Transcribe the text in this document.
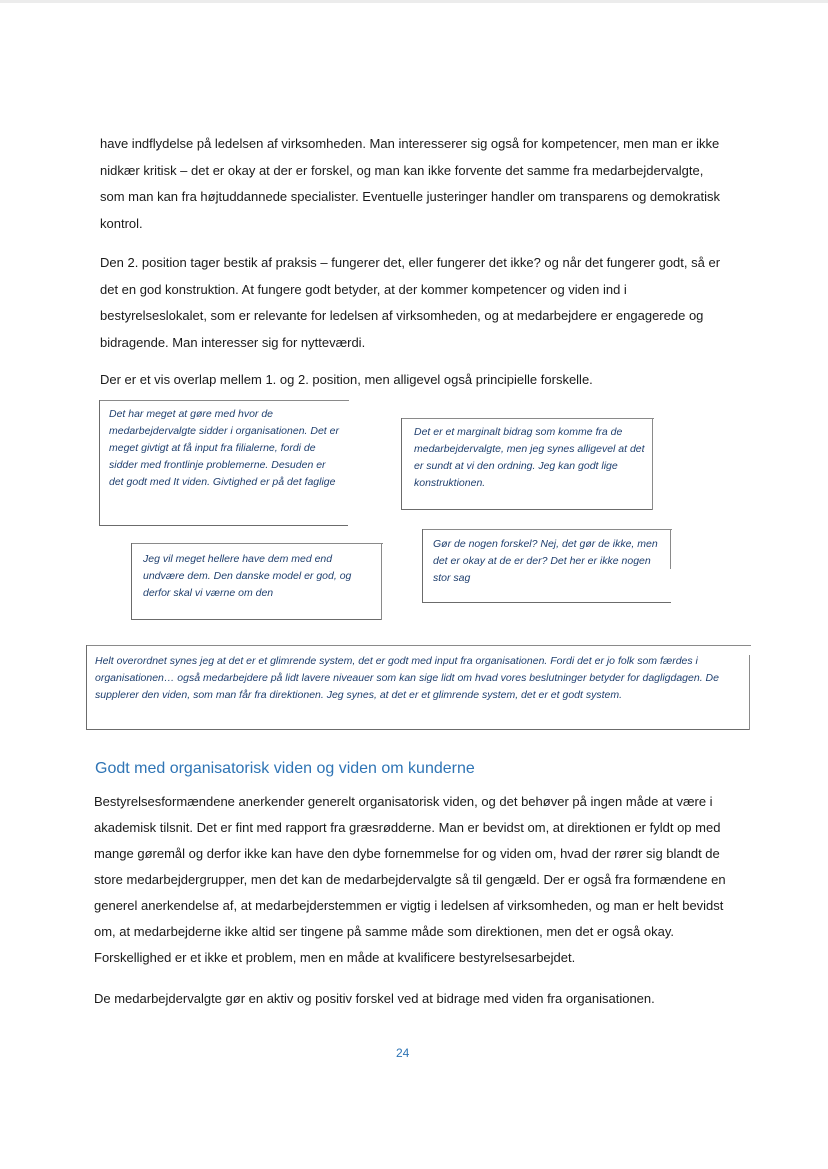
have indflydelse på ledelsen af virksomheden. Man interesserer sig også for kompetencer, men man er ikke nidkær kritisk – det er okay at der er forskel, og man kan ikke forvente det samme fra medarbejdervalgte, som man kan fra højtuddannede specialister. Eventuelle justeringer handler om transparens og demokratisk kontrol.

Den 2. position tager bestik af praksis – fungerer det, eller fungerer det ikke? og når det fungerer godt, så er det en god konstruktion. At fungere godt betyder, at der kommer kompetencer og viden ind i bestyrelseslokalet, som er relevante for ledelsen af virksomheden, og at medarbejdere er engagerede og bidragende. Man interesser sig for nytteværdi.

Der er et vis overlap mellem 1. og 2. position, men alligevel også principielle forskelle.

Det har meget at gøre med hvor de medarbejdervalgte sidder i organisationen. Det er meget givtigt at få input fra filialerne, fordi de sidder med frontlinje problemerne. Desuden er det godt med It viden. Givtighed er på det faglige
Det er et marginalt bidrag som komme fra de medarbejdervalgte, men jeg synes alligevel at det er sundt at vi den ordning. Jeg kan godt lige konstruktionen.
Jeg vil meget hellere have dem med end undvære dem. Den danske model er god, og derfor skal vi værne om den
Gør de nogen forskel? Nej, det gør de ikke, men det er okay at de er der? Det her er ikke nogen stor sag
Helt overordnet synes jeg at det er et glimrende system, det er godt med input fra organisationen. Fordi det er jo folk som færdes i organisationen… også medarbejdere på lidt lavere niveauer som kan sige lidt om hvad vores beslutninger betyder for dagligdagen. De supplerer den viden, som man får fra direktionen. Jeg synes, at det er et glimrende system, det er et godt system.
Godt med organisatorisk viden og viden om kunderne

Bestyrelsesformændene anerkender generelt organisatorisk viden, og det behøver på ingen måde at være i akademisk tilsnit. Det er fint med rapport fra græsrødderne. Man er bevidst om, at direktionen er fyldt op med mange gøremål og derfor ikke kan have den dybe fornemmelse for og viden om, hvad der rører sig blandt de store medarbejdergrupper, men det kan de medarbejdervalgte så til gengæld. Der er også fra formændene en generel anerkendelse af, at medarbejderstemmen er vigtig i ledelsen af virksomheden, og man er helt bevidst om, at medarbejderne ikke altid ser tingene på samme måde som direktionen, men det er også okay. Forskellighed er et ikke et problem, men en måde at kvalificere bestyrelsesarbejdet.

De medarbejdervalgte gør en aktiv og positiv forskel ved at bidrage med viden fra organisationen.

24
